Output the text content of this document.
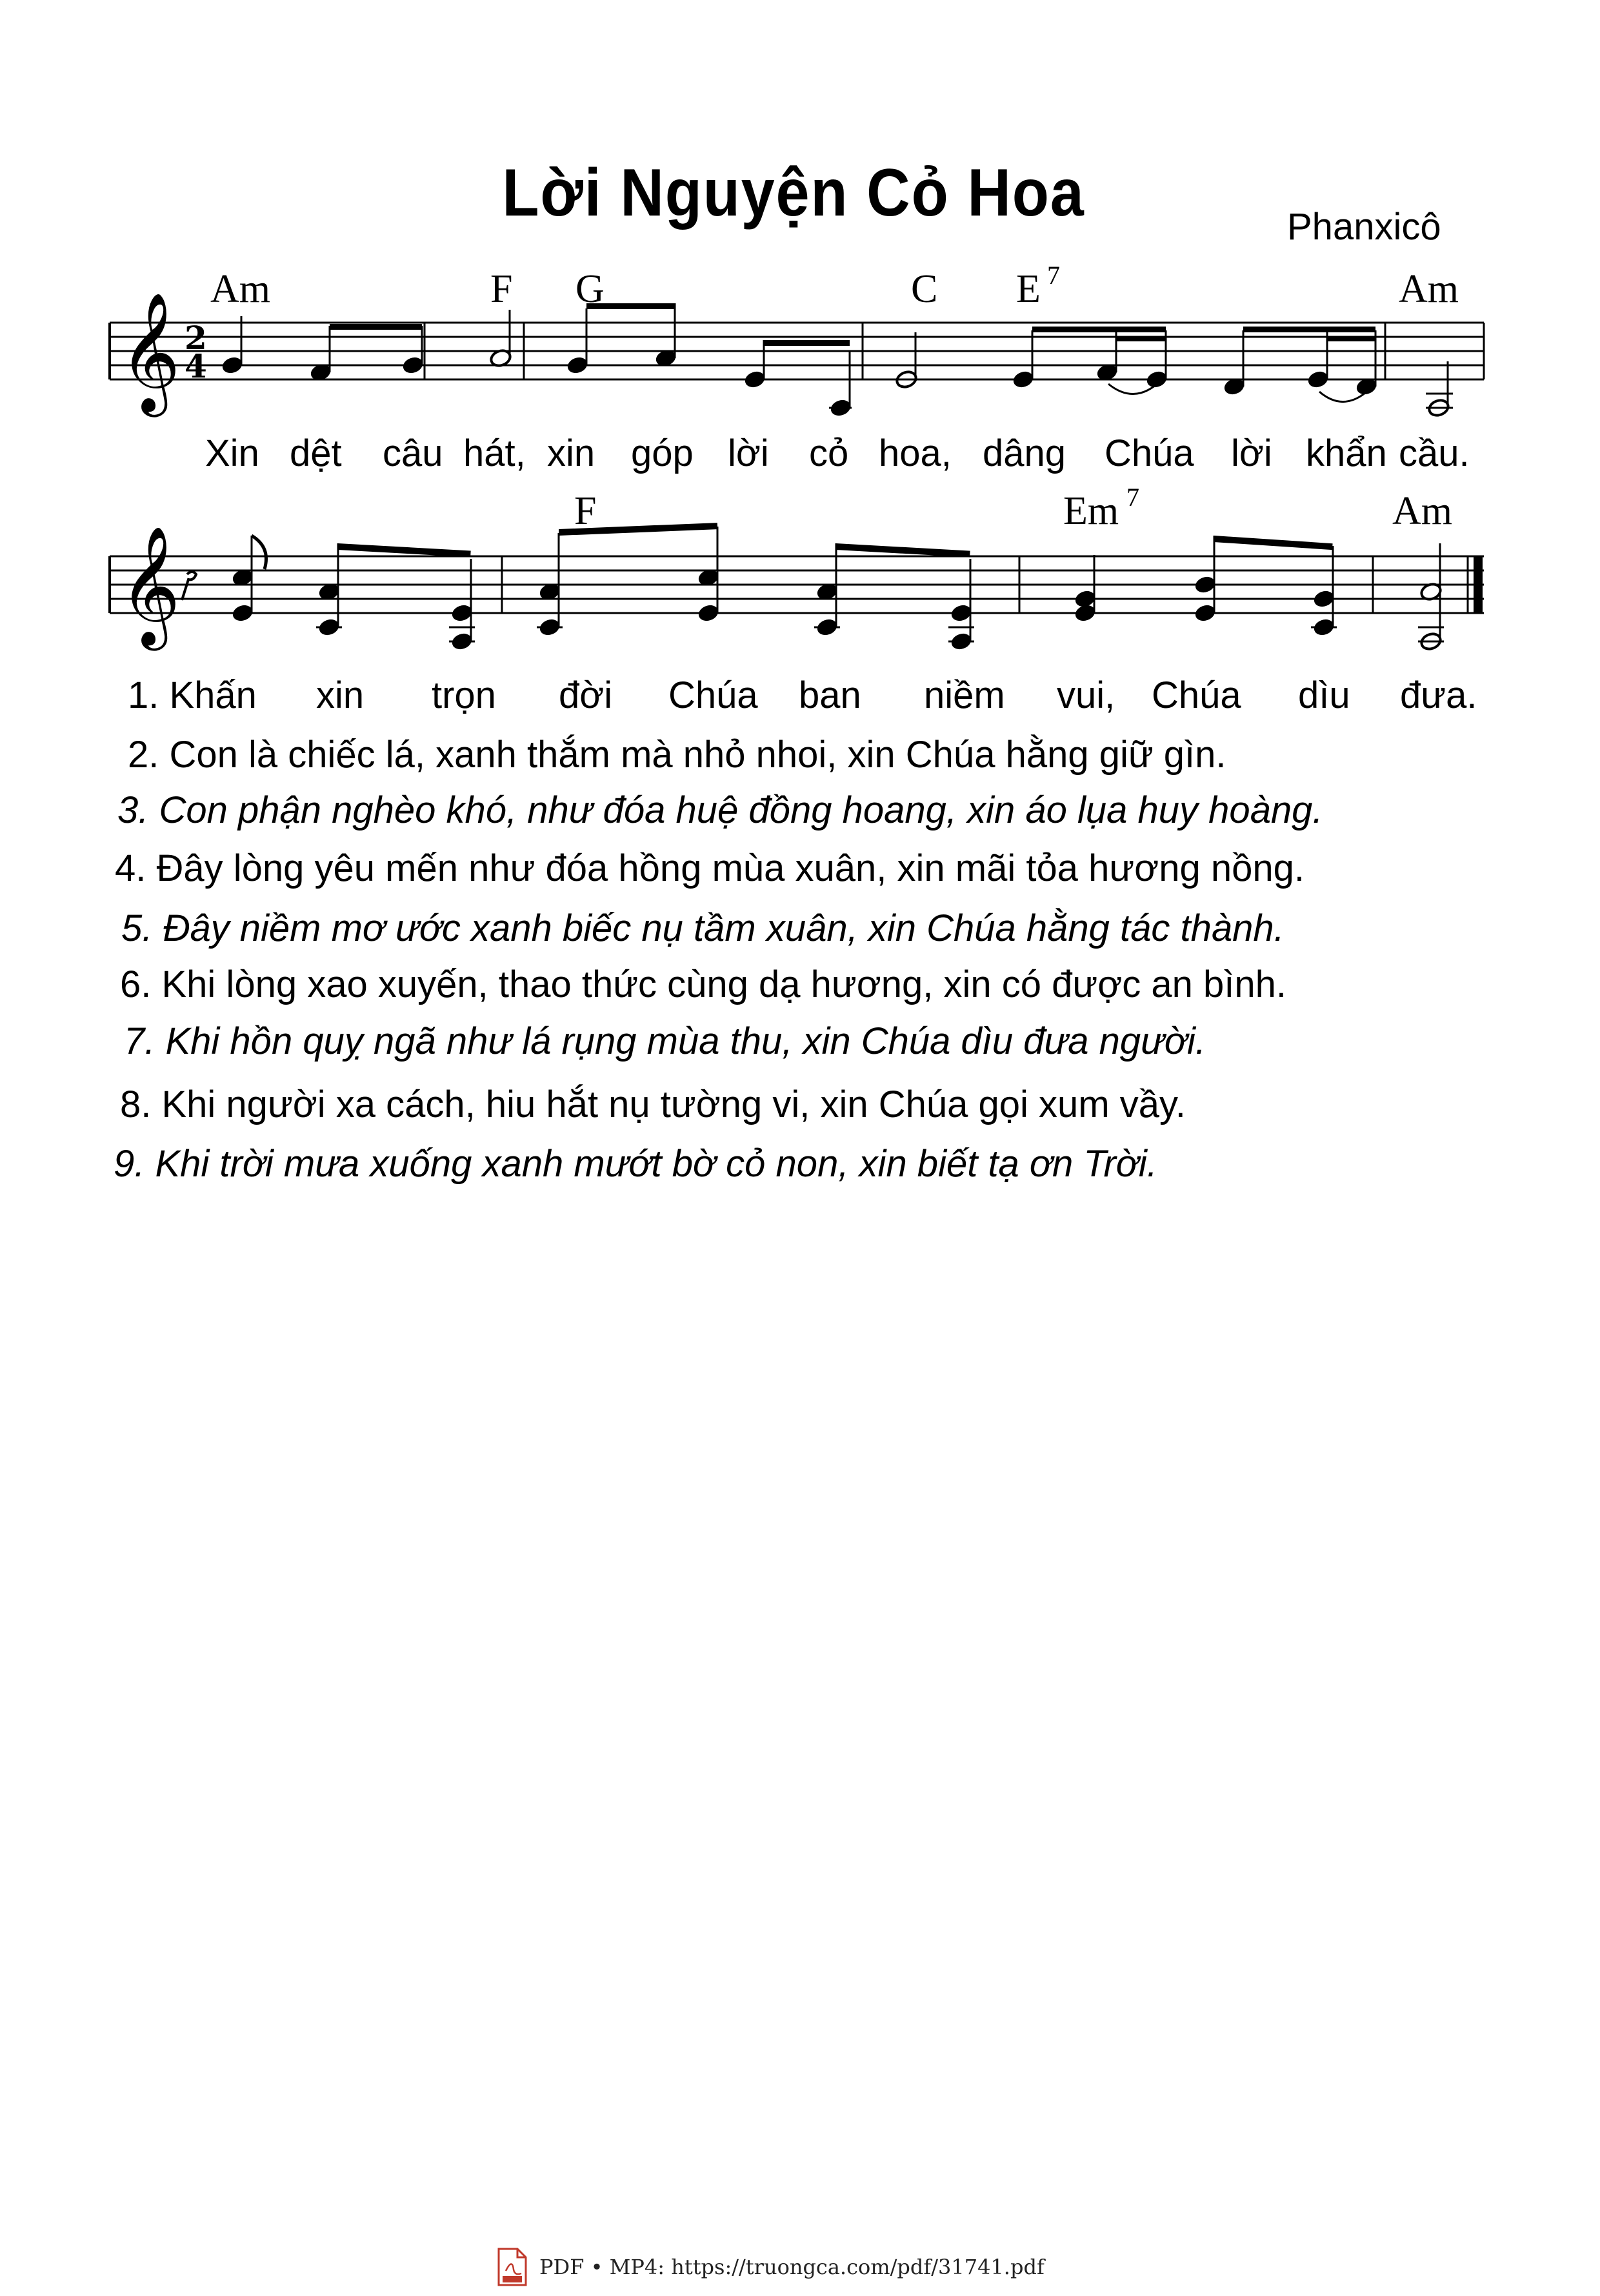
Lời Nguyện Cỏ Hoa	Phanxicô
𝄞 2
4
Am	F G	C E 7	Am
Xin dệt câu hát, xin góp lời cỏ hoa, dâng Chúa lời khẩn cầu.
𝄞
F	Em 7	Am
1. Khấn xin trọn đời Chúa ban niềm vui, Chúa dìu đưa.
2. Con là chiếc lá, xanh thắm mà nhỏ nhoi, xin Chúa hằng giữ gìn.
3. Con phận nghèo khó, như đóa huệ đồng hoang, xin áo lụa huy hoàng.
4. Đây lòng yêu mến như đóa hồng mùa xuân, xin mãi tỏa hương nồng.
5. Đây niềm mơ ước xanh biếc nụ tầm xuân, xin Chúa hằng tác thành.
6. Khi lòng xao xuyến, thao thức cùng dạ hương, xin có được an bình.
7. Khi hồn quỵ ngã như lá rụng mùa thu, xin Chúa dìu đưa người.
8. Khi người xa cách, hiu hắt nụ tường vi, xin Chúa gọi xum vầy.
9. Khi trời mưa xuống xanh mướt bờ cỏ non, xin biết tạ ơn Trời.
PDF • MP4: https://truongca.com/pdf/31741.pdf
